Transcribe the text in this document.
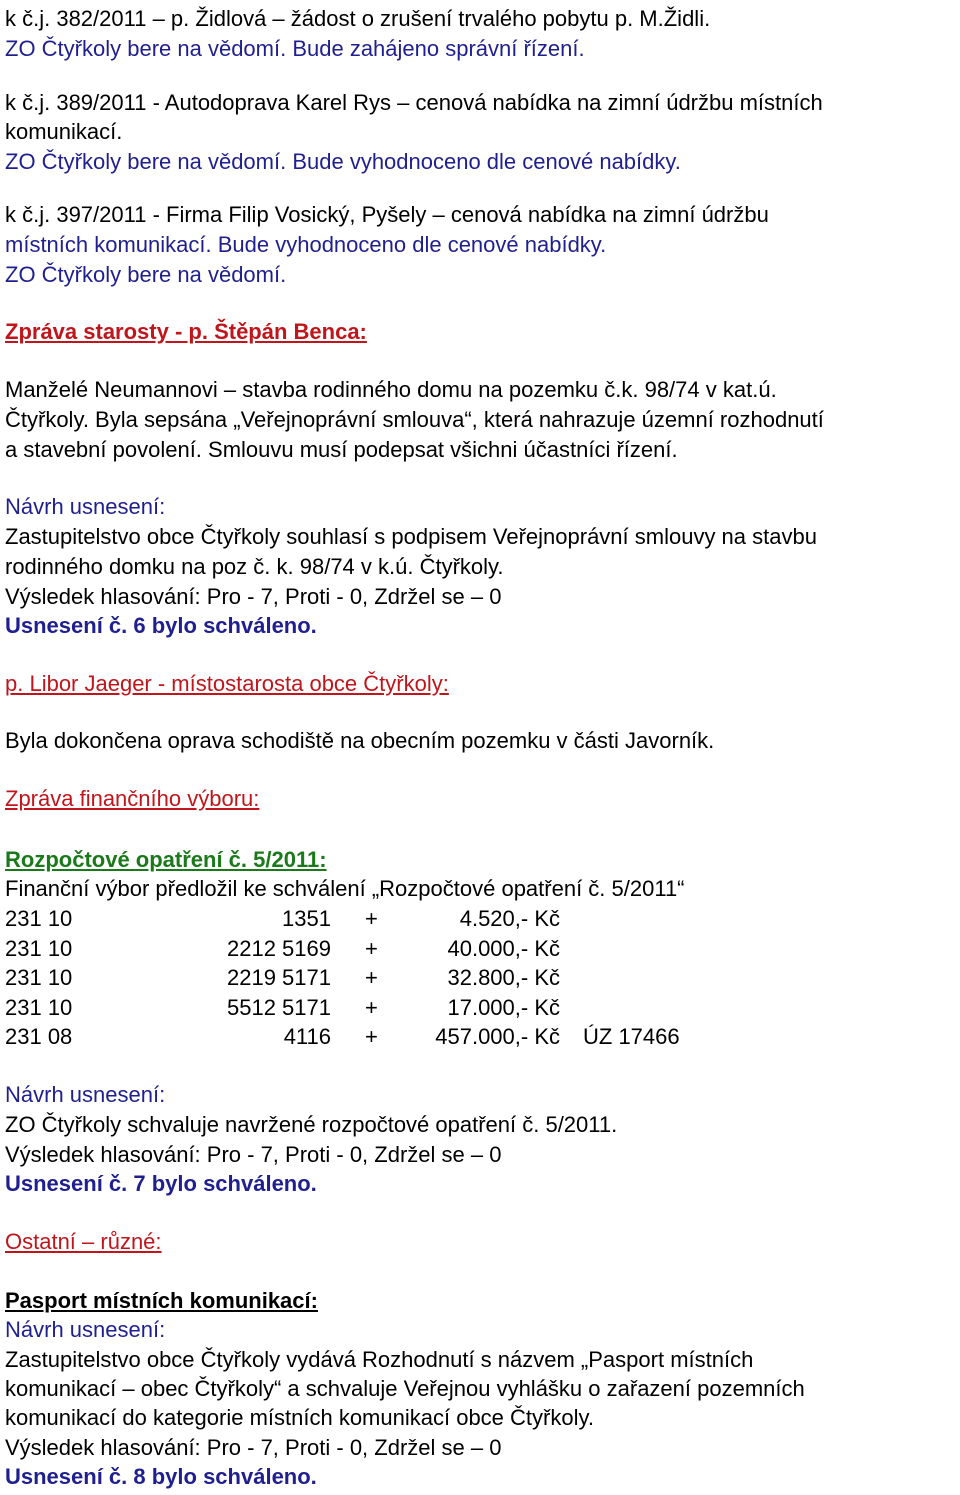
k č.j. 382/2011 – p. Židlová – žádost o zrušení trvalého pobytu p. M.Židli.
ZO Čtyřkoly bere na vědomí. Bude zahájeno správní řízení.
k č.j. 389/2011 - Autodoprava Karel Rys – cenová nabídka na zimní údržbu místních
komunikací.
ZO Čtyřkoly bere na vědomí. Bude vyhodnoceno dle cenové nabídky.
k č.j. 397/2011 - Firma Filip Vosický, Pyšely – cenová nabídka na zimní údržbu
místních komunikací. Bude vyhodnoceno dle cenové nabídky.
ZO Čtyřkoly bere na vědomí.
Zpráva starosty - p. Štěpán Benca:
Manželé Neumannovi – stavba rodinného domu na pozemku č.k. 98/74 v kat.ú.
Čtyřkoly. Byla sepsána „Veřejnoprávní smlouva“, která nahrazuje územní rozhodnutí
a stavební povolení. Smlouvu musí podepsat všichni účastníci řízení.
Návrh usnesení:
Zastupitelstvo obce Čtyřkoly souhlasí s podpisem Veřejnoprávní smlouvy na stavbu
rodinného domku na poz č. k. 98/74 v k.ú. Čtyřkoly.
Výsledek hlasování: Pro - 7, Proti - 0, Zdržel se – 0
Usnesení č. 6 bylo schváleno.
p. Libor Jaeger - místostarosta obce Čtyřkoly:
Byla dokončena oprava schodiště na obecním pozemku v části Javorník.
Zpráva finančního výboru:
Rozpočtové opatření č. 5/2011:
Finanční výbor předložil ke schválení „Rozpočtové opatření č. 5/2011“
231 10	1351 +	4.520,- Kč
231 10	2212 5169 +	40.000,- Kč
231 10	2219 5171 +	32.800,- Kč
231 10	5512 5171 +	17.000,- Kč
231 08	4116 +	457.000,- Kč ÚZ 17466
Návrh usnesení:
ZO Čtyřkoly schvaluje navržené rozpočtové opatření č. 5/2011.
Výsledek hlasování: Pro - 7, Proti - 0, Zdržel se – 0
Usnesení č. 7 bylo schváleno.
Ostatní – různé:
Pasport místních komunikací:
Návrh usnesení:
Zastupitelstvo obce Čtyřkoly vydává Rozhodnutí s názvem „Pasport místních
komunikací – obec Čtyřkoly“ a schvaluje Veřejnou vyhlášku o zařazení pozemních
komunikací do kategorie místních komunikací obce Čtyřkoly.
Výsledek hlasování: Pro - 7, Proti - 0, Zdržel se – 0
Usnesení č. 8 bylo schváleno.
